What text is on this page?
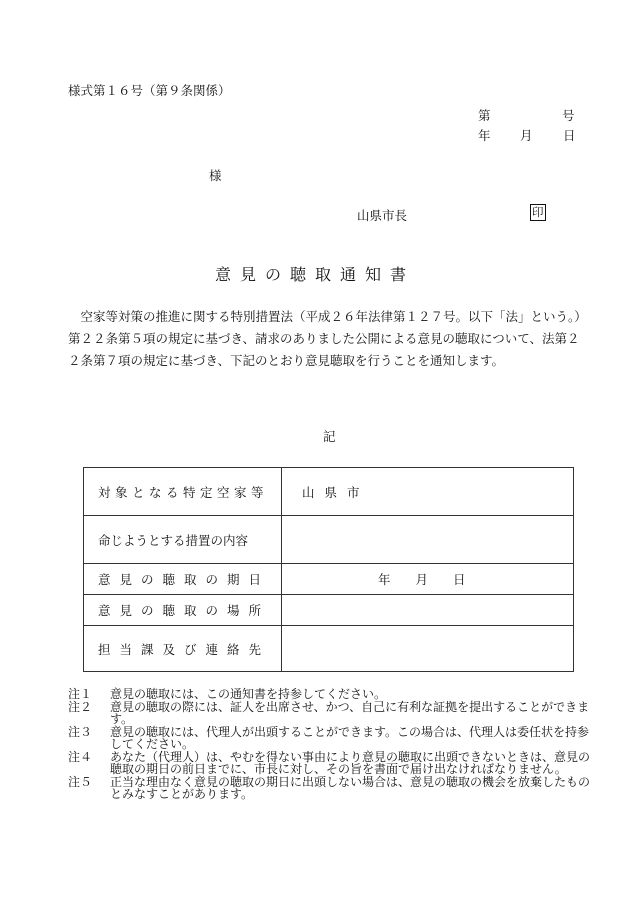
様式第１６号（第９条関係）
第	号
年 月 日
様
山県市長	印
意見の聴取通知書

空家等対策の推進に関する特別措置法（平成２６年法律第１２７号。以下「法」という。）第２２条第５項の規定に基づき、請求のありました公開による意見の聴取について、法第２２条第７項の規定に基づき、下記のとおり意見聴取を行うことを通知します。

記
対象となる特定空家等	山 県 市
命じようとする措置の内容	
意見の聴取の期日	年　　月　　日
意見の聴取の場所	
担当課及び連絡先	
注１	意見の聴取には、この通知書を持参してください。
注２	意見の聴取の際には、証人を出席させ、かつ、自己に有利な証拠を提出することができます。
注３	意見の聴取には、代理人が出頭することができます。この場合は、代理人は委任状を持参してください。
注４	あなた（代理人）は、やむを得ない事由により意見の聴取に出頭できないときは、意見の聴取の期日の前日までに、市長に対し、その旨を書面で届け出なければなりません。
注５	正当な理由なく意見の聴取の期日に出頭しない場合は、意見の聴取の機会を放棄したものとみなすことがあります。
